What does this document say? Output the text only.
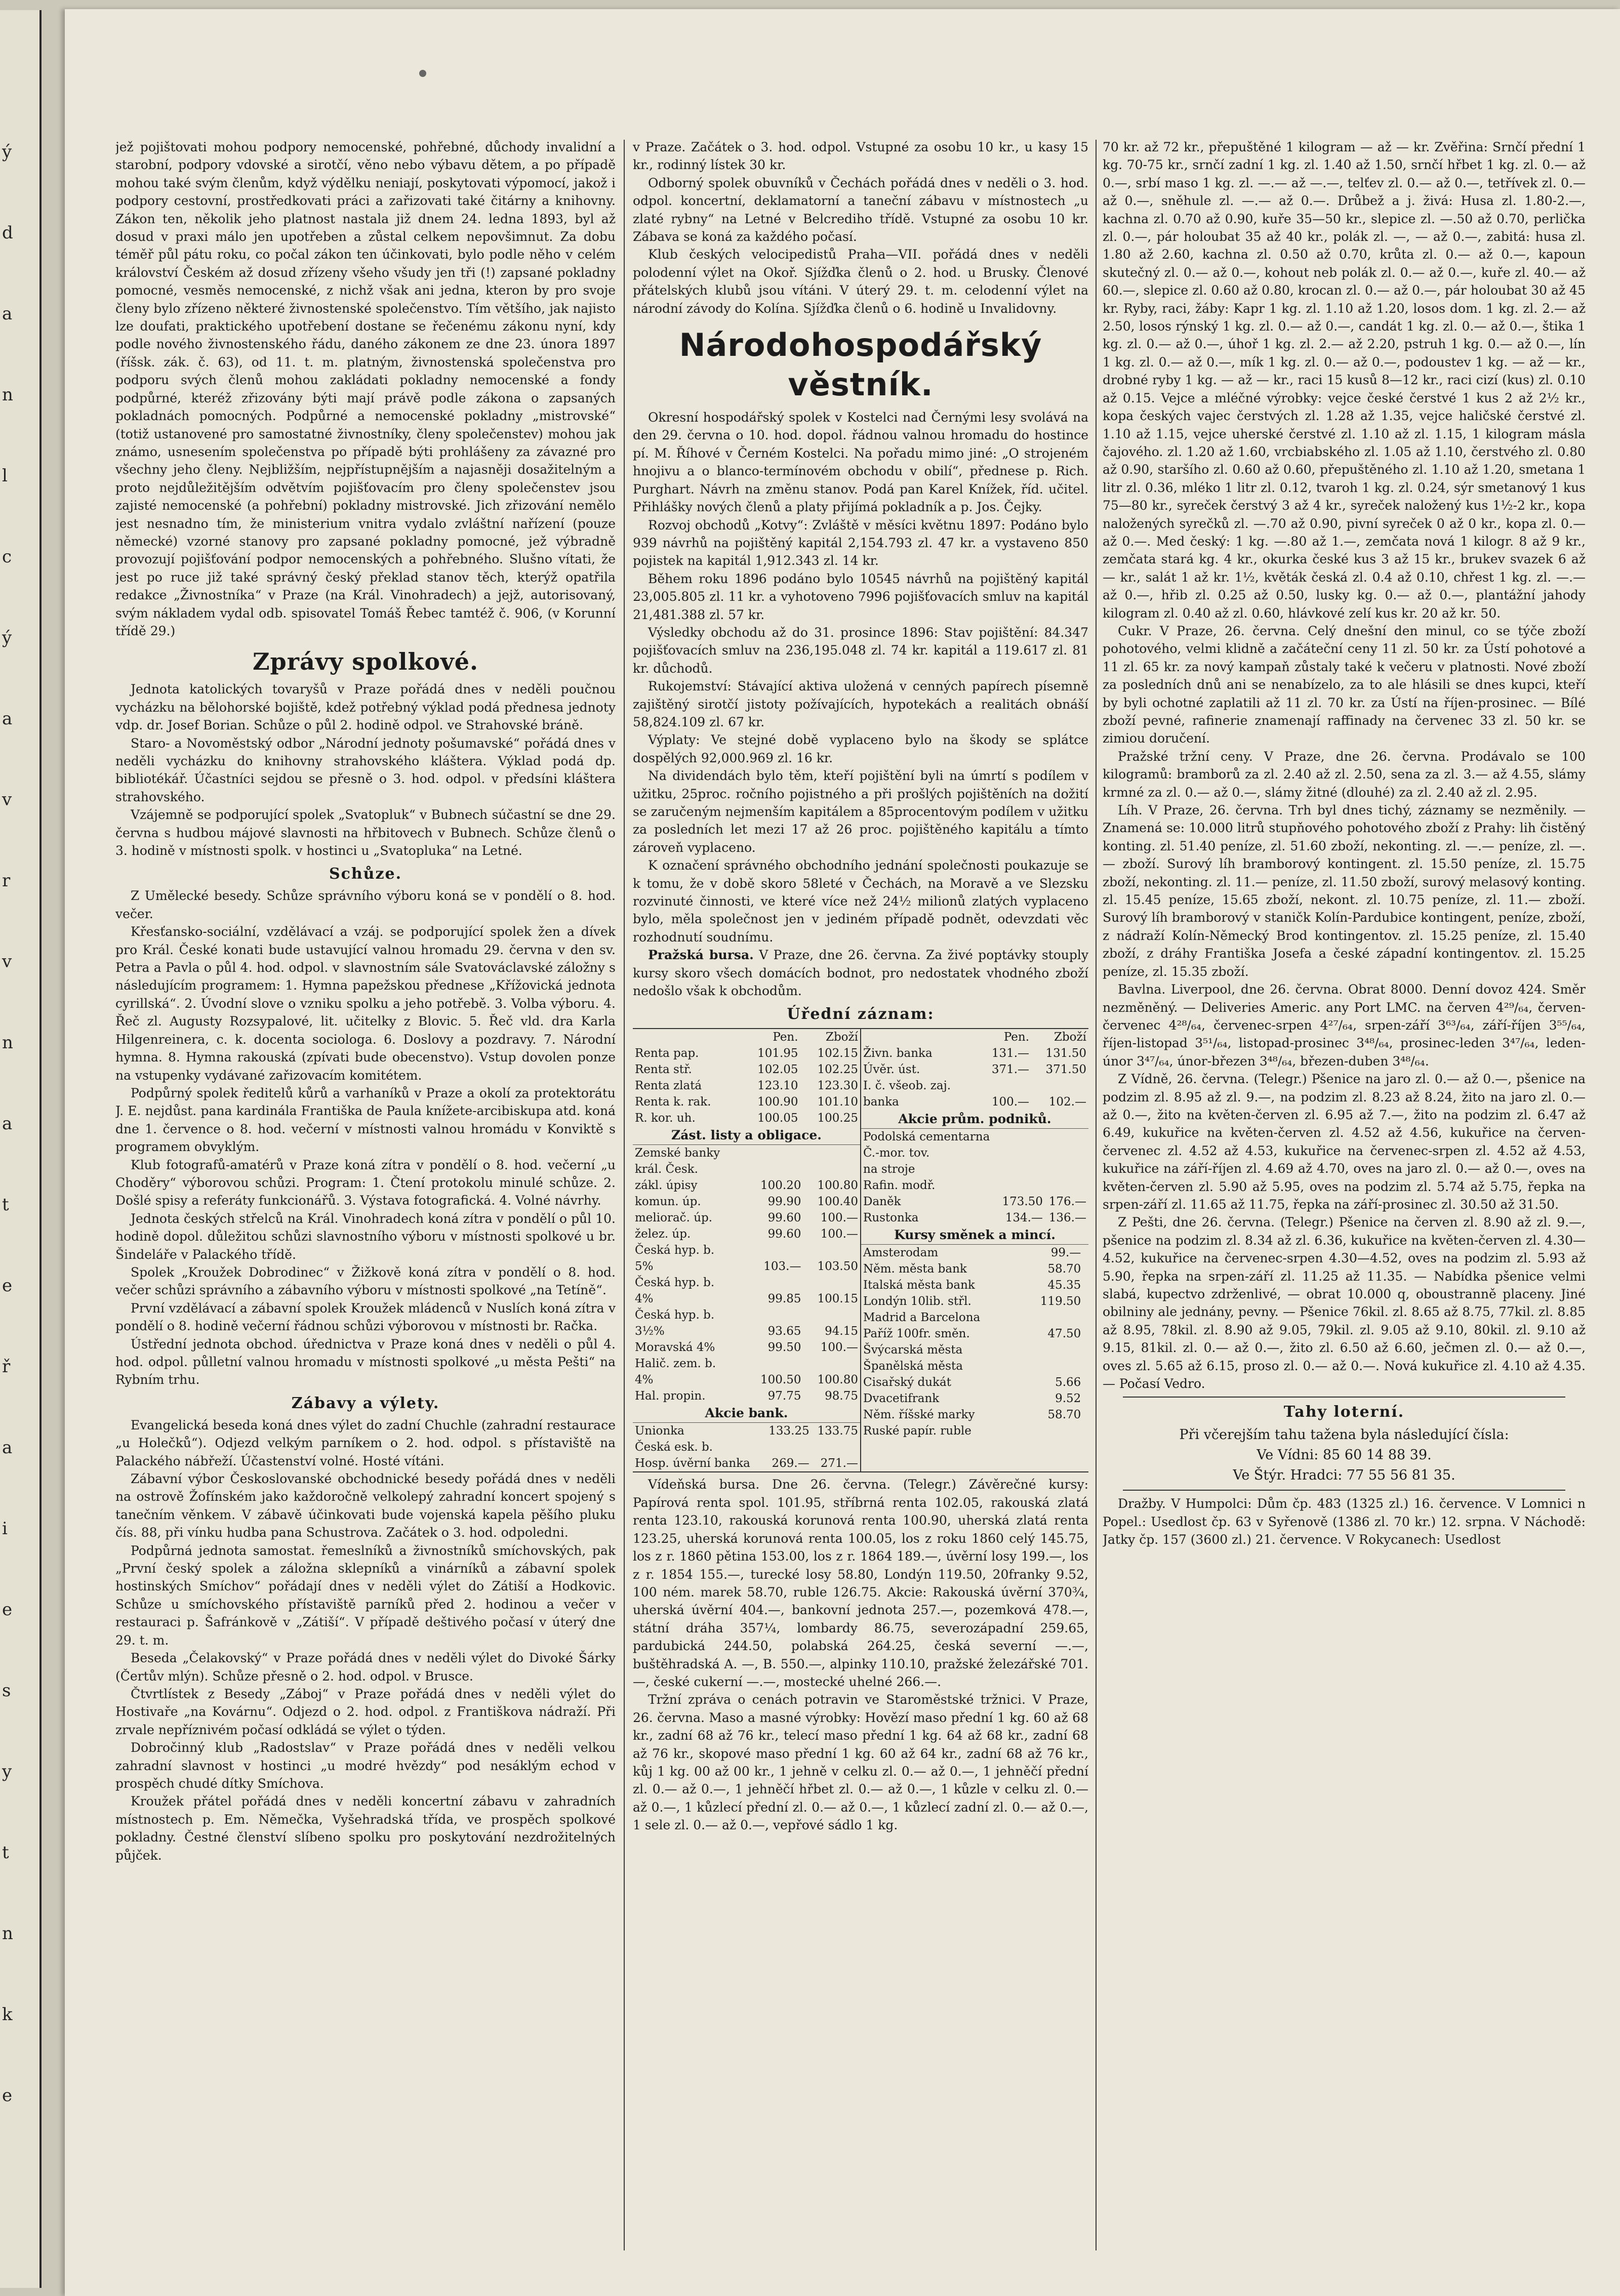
ý
d
a
n
l
c
ý
a
v
r
v
n
a
t
e
ř
a
i
e
s
y
t
n
k
e

jež pojištovati mohou podpory nemocenské, pohřebné, důchody invalidní a starobní, podpory vdovské a sirotčí, věno nebo výbavu dětem, a po případě mohou také svým členům, když výdělku neniají, poskytovati výpomocí, jakož i podpory cestovní, prostředkovati práci a zařizovati také čitárny a knihovny. Zákon ten, několik jeho platnost nastala již dnem 24. ledna 1893, byl až dosud v praxi málo jen upotřeben a zůstal celkem nepovšimnut. Za dobu téměř půl pátu roku, co počal zákon ten účinkovati, bylo podle něho v celém království Českém až dosud zřízeny všeho všudy jen tři (!) zapsané pokladny pomocné, vesměs nemocenské, z nichž však ani jedna, kteron by pro svoje členy bylo zřízeno některé živnostenské společenstvo. Tím většího, jak najisto lze doufati, praktického upotřebení dostane se řečenému zákonu nyní, kdy podle nového živnostenského řádu, daného zákonem ze dne 23. února 1897 (říšsk. zák. č. 63), od 11. t. m. platným, živnostenská společenstva pro podporu svých členů mohou zakládati pokladny nemocenské a fondy podpůrné, kteréž zřizovány býti mají právě podle zákona o zapsaných pokladnách pomocných. Podpůrné a nemocenské pokladny „mistrovské“ (totiž ustanovené pro samostatné živnostníky, členy společenstev) mohou jak známo, usnesením společenstva po případě býti prohlášeny za závazné pro všechny jeho členy. Nejbližším, nejpřístupnějším a najasněji dosažitelným a proto nejdůležitějším odvětvím pojišťovacím pro členy společenstev jsou zajisté nemocenské (a pohřební) pokladny mistrovské. Jich zřizování nemělo jest nesnadno tím, že ministerium vnitra vydalo zvláštní nařízení (pouze německé) vzorné stanovy pro zapsané pokladny pomocné, jež výbradně provozují pojišťování podpor nemocenských a pohřebného. Slušno vítati, že jest po ruce již také správný český překlad stanov těch, kterýž opatřila redakce „Živnostníka“ v Praze (na Král. Vinohradech) a jejž, autorisovaný, svým nákladem vydal odb. spisovatel Tomáš Řebec tamtéž č. 906, (v Korunní třídě 29.)

Zprávy spolkové.

Jednota katolických tovaryšů v Praze pořádá dnes v neděli poučnou vycházku na bělohorské bojiště, kdež potřebný výklad podá přednesa jednoty vdp. dr. Josef Borian. Schůze o půl 2. hodině odpol. ve Strahovské bráně.

Staro- a Novoměstský odbor „Národní jednoty pošumavské“ pořádá dnes v neděli vycházku do knihovny strahovského kláštera. Výklad podá dp. bibliotékář. Účastníci sejdou se přesně o 3. hod. odpol. v předsíni kláštera strahovského.

Vzájemně se podporující spolek „Svatopluk“ v Bubnech súčastní se dne 29. června s hudbou májové slavnosti na hřbitovech v Bubnech. Schůze členů o 3. hodině v místnosti spolk. v hostinci u „Svatopluka“ na Letné.

Schůze.

Z Umělecké besedy. Schůze správního výboru koná se v pondělí o 8. hod. večer.

Křesťansko-sociální, vzdělávací a vzáj. se podporující spolek žen a dívek pro Král. České konati bude ustavující valnou hromadu 29. června v den sv. Petra a Pavla o půl 4. hod. odpol. v slavnostním sále Svatováclavské záložny s následujícím programem: 1. Hymna papežskou přednese „Křížovická jednota cyrillská“. 2. Úvodní slove o vzniku spolku a jeho potřebě. 3. Volba výboru. 4. Řeč zl. Augusty Rozsypalové, lit. učitelky z Blovic. 5. Řeč vld. dra Karla Hilgenreinera, c. k. docenta sociologa. 6. Doslovy a pozdravy. 7. Národní hymna. 8. Hymna rakouská (zpívati bude obecenstvo). Vstup dovolen ponze na vstupenky vydávané zařizovacím komitétem.

Podpůrný spolek ředitelů kůrů a varhaníků v Praze a okolí za protektorátu J. E. nejdůst. pana kardinála Františka de Paula knížete-arcibiskupa atd. koná dne 1. července o 8. hod. večerní v místnosti valnou hromádu v Konviktě s programem obvyklým.

Klub fotografů-amatérů v Praze koná zítra v pondělí o 8. hod. večerní „u Choděry“ výborovou schůzi. Program: 1. Čtení protokolu minulé schůze. 2. Došlé spisy a referáty funkcionářů. 3. Výstava fotografická. 4. Volné návrhy.

Jednota českých střelců na Král. Vinohradech koná zítra v pondělí o půl 10. hodině dopol. důležitou schůzi slavnostního výboru v místnosti spolkové u br. Šindeláře v Palackého třídě.

Spolek „Kroužek Dobrodinec“ v Žižkově koná zítra v pondělí o 8. hod. večer schůzi správního a zábavního výboru v místnosti spolkové „na Tetíně“.

První vzdělávací a zábavní spolek Kroužek mládenců v Nuslích koná zítra v pondělí o 8. hodině večerní řádnou schůzi výborovou v místnosti br. Račka.

Ústřední jednota obchod. úřednictva v Praze koná dnes v neděli o půl 4. hod. odpol. půlletní valnou hromadu v místnosti spolkové „u města Pešti“ na Rybním trhu.

Zábavy a výlety.

Evangelická beseda koná dnes výlet do zadní Chuchle (zahradní restaurace „u Holečků“). Odjezd velkým parníkem o 2. hod. odpol. s přístaviště na Palackého nábřeží. Účastenství volné. Hosté vítáni.

Zábavní výbor Českoslovanské obchodnické besedy pořádá dnes v neděli na ostrově Žofínském jako každoročně velkolepý zahradní koncert spojený s tanečním věnkem. V zábavě účinkovati bude vojenská kapela pěšího pluku čís. 88, při vínku hudba pana Schustrova. Začátek o 3. hod. odpoledni.

Podpůrná jednota samostat. řemeslníků a živnostníků smíchovských, pak „První český spolek a záložna sklepníků a vinárníků a zábavní spolek hostinských Smíchov“ pořádají dnes v neděli výlet do Zátiší a Hodkovic. Schůze u smíchovského přístaviště parníků před 2. hodinou a večer v restauraci p. Šafránkově v „Zátiší“. V případě deštivého počasí v úterý dne 29. t. m.

Beseda „Čelakovský“ v Praze pořádá dnes v neděli výlet do Divoké Šárky (Čertův mlýn). Schůze přesně o 2. hod. odpol. v Brusce.

Čtvrtlístek z Besedy „Záboj“ v Praze pořádá dnes v neděli výlet do Hostivaře „na Kovárnu“. Odjezd o 2. hod. odpol. z Františkova nádraží. Při zrvale nepříznivém počasí odkládá se výlet o týden.

Dobročinný klub „Radostslav“ v Praze pořádá dnes v neděli velkou zahradní slavnost v hostinci „u modré hvězdy“ pod nesáklým echod v prospěch chudé dítky Smíchova.

Kroužek přátel pořádá dnes v neděli koncertní zábavu v zahradních místnostech p. Em. Němečka, Vyšehradská třída, ve prospěch spolkové pokladny. Čestné členství slíbeno spolku pro poskytování nezdrožitelných půjček.

v Praze. Začátek o 3. hod. odpol. Vstupné za osobu 10 kr., u kasy 15 kr., rodinný lístek 30 kr.

Odborný spolek obuvníků v Čechách pořádá dnes v neděli o 3. hod. odpol. koncertní, deklamatorní a taneční zábavu v místnostech „u zlaté rybny“ na Letné v Belcrediho třídě. Vstupné za osobu 10 kr. Zábava se koná za každého počasí.

Klub českých velocipedistů Praha—VII. pořádá dnes v neděli polodenní výlet na Okoř. Sjížďka členů o 2. hod. u Brusky. Členové přátelských klubů jsou vítáni. V úterý 29. t. m. celodenní výlet na národní závody do Kolína. Sjížďka členů o 6. hodině u Invalidovny.

Národohospodářský věstník.

Okresní hospodářský spolek v Kostelci nad Černými lesy svolává na den 29. června o 10. hod. dopol. řádnou valnou hromadu do hostince pí. M. Říhové v Černém Kostelci. Na pořadu mimo jiné: „O strojeném hnojivu a o blanco-termínovém obchodu v obilí“, přednese p. Rich. Purghart. Návrh na změnu stanov. Podá pan Karel Knížek, říd. učitel. Přihlášky nových členů a platy přijímá pokladník a p. Jos. Čejky.

Rozvoj obchodů „Kotvy“: Zvláště v měsíci květnu 1897: Podáno bylo 939 návrhů na pojištěný kapitál 2,154.793 zl. 47 kr. a vystaveno 850 pojistek na kapitál 1,912.343 zl. 14 kr.

Během roku 1896 podáno bylo 10545 návrhů na pojištěný kapitál 23,005.805 zl. 11 kr. a vyhotoveno 7996 pojišťovacích smluv na kapitál 21,481.388 zl. 57 kr.

Výsledky obchodu až do 31. prosince 1896: Stav pojištění: 84.347 pojišťovacích smluv na 236,195.048 zl. 74 kr. kapitál a 119.617 zl. 81 kr. důchodů.

Rukojemství: Stávající aktiva uložená v cenných papírech písemně zajištěný sirotčí jistoty požívajících, hypotekách a realitách obnáší 58,824.109 zl. 67 kr.

Výplaty: Ve stejné době vyplaceno bylo na škody se splátce dospělých 92,000.969 zl. 16 kr.

Na dividendách bylo těm, kteří pojištění byli na úmrtí s podílem v užitku, 25proc. ročního pojistného a při prošlých pojištěních na dožití se zaručeným nejmenším kapitálem a 85procentovým podílem v užitku za posledních let mezi 17 až 26 proc. pojištěného kapitálu a tímto zároveň vyplaceno.

K označení správného obchodního jednání společnosti poukazuje se k tomu, že v době skoro 58leté v Čechách, na Moravě a ve Slezsku rozvinuté činnosti, ve které více než 24½ milionů zlatých vyplaceno bylo, měla společnost jen v jediném případě podnět, odevzdati věc rozhodnutí soudnímu.

Pražská bursa. V Praze, dne 26. června. Za živé poptávky stouply kursy skoro všech domácích bodnot, pro nedostatek vhodného zboží nedošlo však k obchodům.

Úřední záznam:
	Pen.	Zboží
Renta pap.	101.95	102.15
Renta stř.	102.05	102.25
Renta zlatá	123.10	123.30
Renta k. rak.	100.90	101.10
R. kor. uh.	100.05	100.25
Zást. listy a obligace.
Zemské banky		
král. Česk.		
zákl. úpisy	100.20	100.80
komun. úp.	99.90	100.40
meliorač. úp.	99.60	100.—
želez. úp.	99.60	100.—
Česká hyp. b.		
5%	103.—	103.50
Česká hyp. b.		
4%	99.85	100.15
Česká hyp. b.		
3½%	93.65	94.15
Moravská 4%	99.50	100.—
Halič. zem. b.		
4%	100.50	100.80
Hal. propin.	97.75	98.75
Akcie bank.
Unionka	133.25	133.75
Česká esk. b.		
Hosp. úvěrní banka	269.—	271.—
	Pen.	Zboží
Živn. banka	131.—	131.50
Úvěr. úst.	371.—	371.50
I. č. všeob. zaj.		
banka	100.—	102.—
Akcie prům. podniků.
Podolská cementarna		
Č.-mor. tov.		
na stroje		
Rafin. modř.		
Daněk	173.50	176.—
Rustonka	134.—	136.—
Kursy směnek a mincí.
Amsterodam	99.—	
Něm. města bank	58.70	
Italská města bank	45.35	
Londýn 10lib. střl.	119.50	
Madrid a Barcelona		
Paříž 100fr. směn.	47.50	
Švýcarská města		
Španělská města		
Cisařský dukát	5.66	
Dvacetifrank	9.52	
Něm. říšské marky	58.70	
Ruské papír. ruble		

Vídeňská bursa. Dne 26. června. (Telegr.) Závěrečné kursy: Papírová renta spol. 101.95, stříbrná renta 102.05, rakouská zlatá renta 123.10, rakouská korunová renta 100.90, uherská zlatá renta 123.25, uherská korunová renta 100.05, los z roku 1860 celý 145.75, los z r. 1860 pětina 153.00, los z r. 1864 189.—, úvěrní losy 199.—, los z r. 1854 155.—, turecké losy 58.80, Londýn 119.50, 20franky 9.52, 100 ném. marek 58.70, ruble 126.75. Akcie: Rakouská úvěrní 370¾, uherská úvěrní 404.—, bankovní jednota 257.—, pozemková 478.—, státní dráha 357¼, lombardy 86.75, severozápadní 259.65, pardubická 244.50, polabská 264.25, česká severní —.—, buštěhradská A. —, B. 550.—, alpinky 110.10, pražské železářské 701.—, české cukerní —.—, mostecké uhelné 266.—.

Tržní zpráva o cenách potravin ve Staroměstské tržnici. V Praze, 26. června. Maso a masné výrobky: Hovězí maso přední 1 kg. 60 až 68 kr., zadní 68 až 76 kr., telecí maso přední 1 kg. 64 až 68 kr., zadní 68 až 76 kr., skopové maso přední 1 kg. 60 až 64 kr., zadní 68 až 76 kr., kůj 1 kg. 00 až 00 kr., 1 jehně v celku zl. 0.— až 0.—, 1 jehněčí přední zl. 0.— až 0.—, 1 jehněčí hřbet zl. 0.— až 0.—, 1 kůzle v celku zl. 0.— až 0.—, 1 kůzlecí přední zl. 0.— až 0.—, 1 kůzlecí zadní zl. 0.— až 0.—, 1 sele zl. 0.— až 0.—, vepřové sádlo 1 kg.

70 kr. až 72 kr., přepuštěné 1 kilogram — až — kr. Zvěřina: Srnčí přední 1 kg. 70-75 kr., srnčí zadní 1 kg. zl. 1.40 až 1.50, srnčí hřbet 1 kg. zl. 0.— až 0.—, srbí maso 1 kg. zl. —.— až —.—, telťev zl. 0.— až 0.—, tetřívek zl. 0.— až 0.—, sněhule zl. —.— až 0.—. Drůbež a j. živá: Husa zl. 1.80-2.—, kachna zl. 0.70 až 0.90, kuře 35—50 kr., slepice zl. —.50 až 0.70, perlička zl. 0.—, pár holoubat 35 až 40 kr., polák zl. —, — až 0.—, zabitá: husa zl. 1.80 až 2.60, kachna zl. 0.50 až 0.70, krůta zl. 0.— až 0.—, kapoun skutečný zl. 0.— až 0.—, kohout neb polák zl. 0.— až 0.—, kuře zl. 40.— až 60.—, slepice zl. 0.60 až 0.80, krocan zl. 0.— až 0.—, pár holoubat 30 až 45 kr. Ryby, raci, žáby: Kapr 1 kg. zl. 1.10 až 1.20, losos dom. 1 kg. zl. 2.— až 2.50, losos rýnský 1 kg. zl. 0.— až 0.—, candát 1 kg. zl. 0.— až 0.—, štika 1 kg. zl. 0.— až 0.—, úhoř 1 kg. zl. 2.— až 2.20, pstruh 1 kg. 0.— až 0.—, lín 1 kg. zl. 0.— až 0.—, mík 1 kg. zl. 0.— až 0.—, podoustev 1 kg. — až — kr., drobné ryby 1 kg. — až — kr., raci 15 kusů 8—12 kr., raci cizí (kus) zl. 0.10 až 0.15. Vejce a mléčné výrobky: vejce české čerstvé 1 kus 2 až 2½ kr., kopa českých vajec čerstvých zl. 1.28 až 1.35, vejce haličské čerstvé zl. 1.10 až 1.15, vejce uherské čerstvé zl. 1.10 až zl. 1.15, 1 kilogram másla čajového. zl. 1.20 až 1.60, vrcbiabského zl. 1.05 až 1.10, čerstvého zl. 0.80 až 0.90, staršího zl. 0.60 až 0.60, přepuštěného zl. 1.10 až 1.20, smetana 1 litr zl. 0.36, mléko 1 litr zl. 0.12, tvaroh 1 kg. zl. 0.24, sýr smetanový 1 kus 75—80 kr., syreček čerstvý 3 až 4 kr., syreček naložený kus 1½-2 kr., kopa naložených syrečků zl. —.70 až 0.90, pivní syreček 0 až 0 kr., kopa zl. 0.— až 0.—. Med český: 1 kg. —.80 až 1.—, zemčata nová 1 kilogr. 8 až 9 kr., zemčata stará kg. 4 kr., okurka české kus 3 až 15 kr., brukev svazek 6 až — kr., salát 1 až kr. 1½, květák česká zl. 0.4 až 0.10, chřest 1 kg. zl. —.— až 0.—, hřib zl. 0.25 až 0.50, lusky kg. 0.— až 0.—, plantážní jahody kilogram zl. 0.40 až zl. 0.60, hlávkové zelí kus kr. 20 až kr. 50.

Cukr. V Praze, 26. června. Celý dnešní den minul, co se týče zboží pohotového, velmi klidně a začáteční ceny 11 zl. 50 kr. za Ústí pohotové a 11 zl. 65 kr. za nový kampaň zůstaly také k večeru v platnosti. Nové zboží za posledních dnů ani se nenabízelo, za to ale hlásili se dnes kupci, kteří by byli ochotné zaplatili až 11 zl. 70 kr. za Ústí na říjen-prosinec. — Bílé zboží pevné, rafinerie znamenají raffinady na červenec 33 zl. 50 kr. se zimiou doručení.

Pražské tržní ceny. V Praze, dne 26. června. Prodávalo se 100 kilogramů: bramborů za zl. 2.40 až zl. 2.50, sena za zl. 3.— až 4.55, slámy krmné za zl. 0.— až 0.—, slámy žitné (dlouhé) za zl. 2.40 až zl. 2.95.

Líh. V Praze, 26. června. Trh byl dnes tichý, záznamy se nezměnily. — Znamená se: 10.000 litrů stupňového pohotového zboží z Prahy: lih čistěný konting. zl. 51.40 peníze, zl. 51.60 zboží, nekonting. zl. —.— peníze, zl. —.— zboží. Surový líh bramborový kontingent. zl. 15.50 peníze, zl. 15.75 zboží, nekonting. zl. 11.— peníze, zl. 11.50 zboží, surový melasový konting. zl. 15.45 peníze, 15.65 zboží, nekont. zl. 10.75 peníze, zl. 11.— zboží. Surový líh bramborový v staničk Kolín-Pardubice kontingent, peníze, zboží, z nádraží Kolín-Německý Brod kontingentov. zl. 15.25 peníze, zl. 15.40 zboží, z dráhy Františka Josefa a české západní kontingentov. zl. 15.25 peníze, zl. 15.35 zboží.

Bavlna. Liverpool, dne 26. června. Obrat 8000. Denní dovoz 424. Směr nezměněný. — Deliveries Americ. any Port LMC. na červen 4²⁹/₆₄, červen-červenec 4²⁸/₆₄, červenec-srpen 4²⁷/₆₄, srpen-září 3⁶³/₆₄, září-říjen 3⁵⁵/₆₄, říjen-listopad 3⁵¹/₆₄, listopad-prosinec 3⁴⁸/₆₄, prosinec-leden 3⁴⁷/₆₄, leden-únor 3⁴⁷/₆₄, únor-březen 3⁴⁸/₆₄, březen-duben 3⁴⁸/₆₄.

Z Vídně, 26. června. (Telegr.) Pšenice na jaro zl. 0.— až 0.—, pšenice na podzim zl. 8.95 až zl. 9.—, na podzim zl. 8.23 až 8.24, žito na jaro zl. 0.— až 0.—, žito na květen-červen zl. 6.95 až 7.—, žito na podzim zl. 6.47 až 6.49, kukuřice na květen-červen zl. 4.52 až 4.56, kukuřice na červen-červenec zl. 4.52 až 4.53, kukuřice na červenec-srpen zl. 4.52 až 4.53, kukuřice na září-říjen zl. 4.69 až 4.70, oves na jaro zl. 0.— až 0.—, oves na květen-červen zl. 5.90 až 5.95, oves na podzim zl. 5.74 až 5.75, řepka na srpen-září zl. 11.65 až 11.75, řepka na září-prosinec zl. 30.50 až 31.50.

Z Pešti, dne 26. června. (Telegr.) Pšenice na červen zl. 8.90 až zl. 9.—, pšenice na podzim zl. 8.34 až zl. 6.36, kukuřice na květen-červen zl. 4.30—4.52, kukuřice na červenec-srpen 4.30—4.52, oves na podzim zl. 5.93 až 5.90, řepka na srpen-září zl. 11.25 až 11.35. — Nabídka pšenice velmi slabá, kupectvo zdrženlivé, — obrat 10.000 q, oboustranně placeny. Jiné obilniny ale jednány, pevny. — Pšenice 76kil. zl. 8.65 až 8.75, 77kil. zl. 8.85 až 8.95, 78kil. zl. 8.90 až 9.05, 79kil. zl. 9.05 až 9.10, 80kil. zl. 9.10 až 9.15, 81kil. zl. 0.— až 0.—, žito zl. 6.50 až 6.60, ječmen zl. 0.— až 0.—, oves zl. 5.65 až 6.15, proso zl. 0.— až 0.—. Nová kukuřice zl. 4.10 až 4.35. — Počasí Vedro.

Tahy loterní.
Při včerejším tahu tažena byla následující čísla:
Ve Vídni: 85 60 14 88 39.
Ve Štýr. Hradci: 77 55 56 81 35.

Dražby. V Humpolci: Dům čp. 483 (1325 zl.) 16. července. V Lomnici n Popel.: Usedlost čp. 63 v Syřenově (1386 zl. 70 kr.) 12. srpna. V Náchodě: Jatky čp. 157 (3600 zl.) 21. července. V Rokycanech: Usedlost
